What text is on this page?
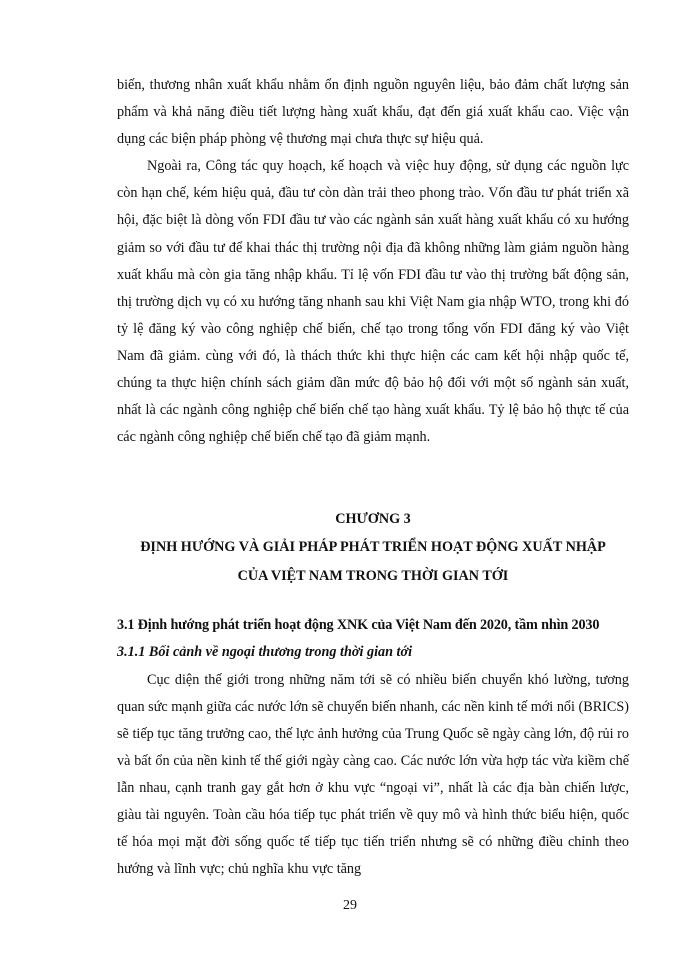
biến, thương nhân xuất khẩu nhằm ổn định nguồn nguyên liệu, bảo đảm chất lượng sản phẩm và khả năng điều tiết lượng hàng xuất khẩu, đạt đến giá xuất khẩu cao. Việc vận dụng các biện pháp phòng vệ thương mại chưa thực sự hiệu quả.

Ngoài ra, Công tác quy hoạch, kế hoạch và việc huy động, sử dụng các nguồn lực còn hạn chế, kém hiệu quả, đầu tư còn dàn trải theo phong trào. Vốn đầu tư phát triển xã hội, đặc biệt là dòng vốn FDI đầu tư vào các ngành sản xuất hàng xuất khẩu có xu hướng giảm so với đầu tư để khai thác thị trường nội địa đã không những làm giảm nguồn hàng xuất khẩu mà còn gia tăng nhập khẩu. Tỉ lệ vốn FDI đầu tư vào thị trường bất động sản, thị trường dịch vụ có xu hướng tăng nhanh sau khi Việt Nam gia nhập WTO, trong khi đó tỷ lệ đăng ký vào công nghiệp chế biến, chế tạo trong tổng vốn FDI đăng ký vào Việt Nam đã giảm. cùng với đó, là thách thức khi thực hiện các cam kết hội nhập quốc tế, chúng ta thực hiện chính sách giảm dần mức độ bảo hộ đối với một số ngành sản xuất, nhất là các ngành công nghiệp chế biến chế tạo hàng xuất khẩu. Tỷ lệ bảo hộ thực tế của các ngành công nghiệp chế biến chế tạo đã giảm mạnh.

CHƯƠNG 3

ĐỊNH HƯỚNG VÀ GIẢI PHÁP PHÁT TRIỂN HOẠT ĐỘNG XUẤT NHẬP

CỦA VIỆT NAM TRONG THỜI GIAN TỚI

3.1 Định hướng phát triển hoạt động XNK của Việt Nam đến 2020, tầm nhìn 2030

3.1.1 Bối cảnh về ngoại thương trong thời gian tới

Cục diện thế giới trong những năm tới sẽ có nhiều biến chuyển khó lường, tương quan sức mạnh giữa các nước lớn sẽ chuyển biến nhanh, các nền kinh tế mới nổi (BRICS) sẽ tiếp tục tăng trưởng cao, thế lực ảnh hưởng của Trung Quốc sẽ ngày càng lớn, độ rủi ro và bất ổn của nền kinh tế thế giới ngày càng cao. Các nước lớn vừa hợp tác vừa kiềm chế lẫn nhau, cạnh tranh gay gắt hơn ở khu vực “ngoại vi”, nhất là các địa bàn chiến lược, giàu tài nguyên. Toàn cầu hóa tiếp tục phát triển về quy mô và hình thức biểu hiện, quốc tế hóa mọi mặt đời sống quốc tế tiếp tục tiến triển nhưng sẽ có những điều chỉnh theo hướng và lĩnh vực; chủ nghĩa khu vực tăng

29
